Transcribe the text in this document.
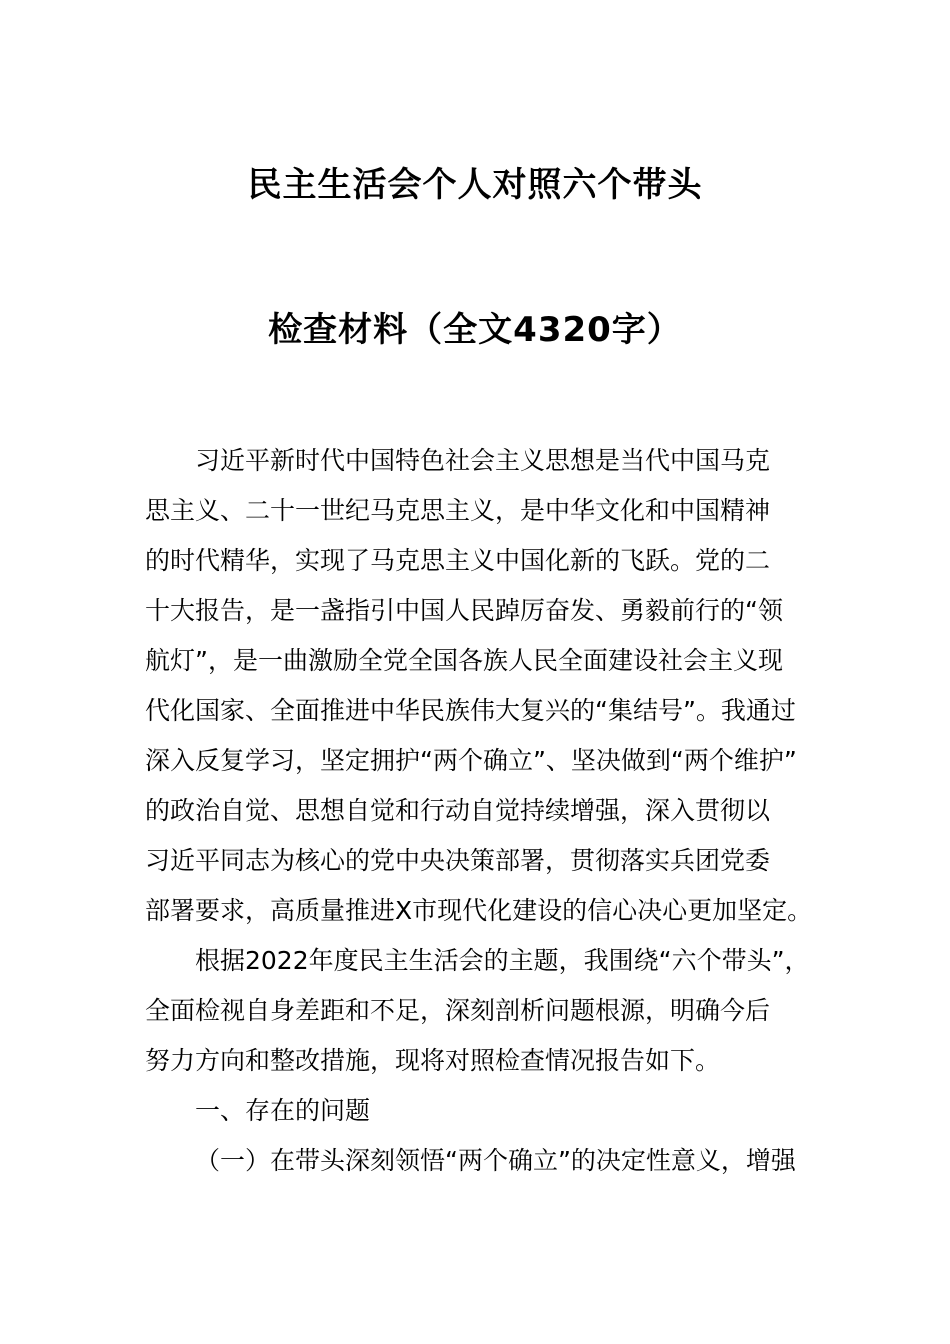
民主生活会个人对照六个带头
检查材料（全文4320字）
习近平新时代中国特色社会主义思想是当代中国马克
思主义、二十一世纪马克思主义，是中华文化和中国精神
的时代精华，实现了马克思主义中国化新的飞跃。党的二
十大报告，是一盏指引中国人民踔厉奋发、勇毅前行的“领
航灯”，是一曲激励全党全国各族人民全面建设社会主义现
代化国家、全面推进中华民族伟大复兴的“集结号”。我通过
深入反复学习，坚定拥护“两个确立”、坚决做到“两个维护”
的政治自觉、思想自觉和行动自觉持续增强，深入贯彻以
习近平同志为核心的党中央决策部署，贯彻落实兵团党委
部署要求，高质量推进X市现代化建设的信心决心更加坚定。
根据2022年度民主生活会的主题，我围绕“六个带头”，
全面检视自身差距和不足，深刻剖析问题根源，明确今后
努力方向和整改措施，现将对照检查情况报告如下。
一、存在的问题
（一）在带头深刻领悟“两个确立”的决定性意义，增强
